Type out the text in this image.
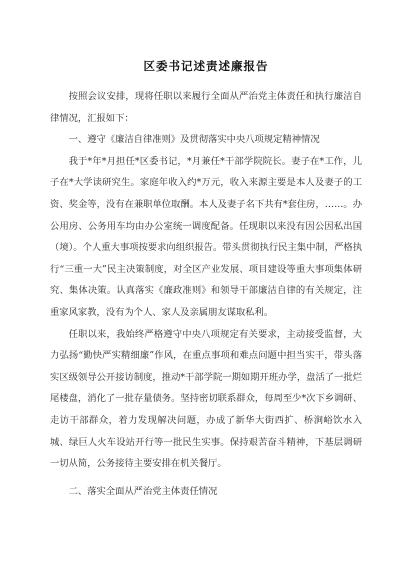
区委书记述责述廉报告

按照会议安排，现将任职以来履行全面从严治党主体责任和执行廉洁自律情况，汇报如下：

一、遵守《廉洁自律准则》及贯彻落实中央八项规定精神情况

我于*年*月担任*区委书记，*月兼任*干部学院院长。妻子在*工作，儿子在*大学读研究生。家庭年收入约*万元，收入来源主要是本人及妻子的工资、奖金等，没有在兼职单位取酬。本人及妻子名下共有*套住房，……。办公用房、公务用车均由办公室统一调度配备。任现职以来没有因公因私出国（境）。个人重大事项按要求向组织报告。带头贯彻执行民主集中制，严格执行“三重一大”民主决策制度，对全区产业发展、项目建设等重大事项集体研究、集体决策。认真落实《廉政准则》和领导干部廉洁自律的有关规定，注重家风家教，没有为个人、家人及亲属朋友谋取私利。

任职以来，我始终严格遵守中央八项规定有关要求，主动接受监督，大力弘扬“勤快严实精细廉”作风，在重点事项和难点问题中担当实干，带头落实区级领导公开接访制度，推动*干部学院一期如期开班办学，盘活了一批烂尾楼盘，消化了一批存量债务。坚持密切联系群众，每周至少*次下乡调研、走访干部群众，着力发现解决问题，办成了新华大街西扩、桥涧峪饮水入城、绿巨人火车设站开行等一批民生实事。保持艰苦奋斗精神，下基层调研一切从简，公务接待主要安排在机关餐厅。

二、落实全面从严治党主体责任情况
